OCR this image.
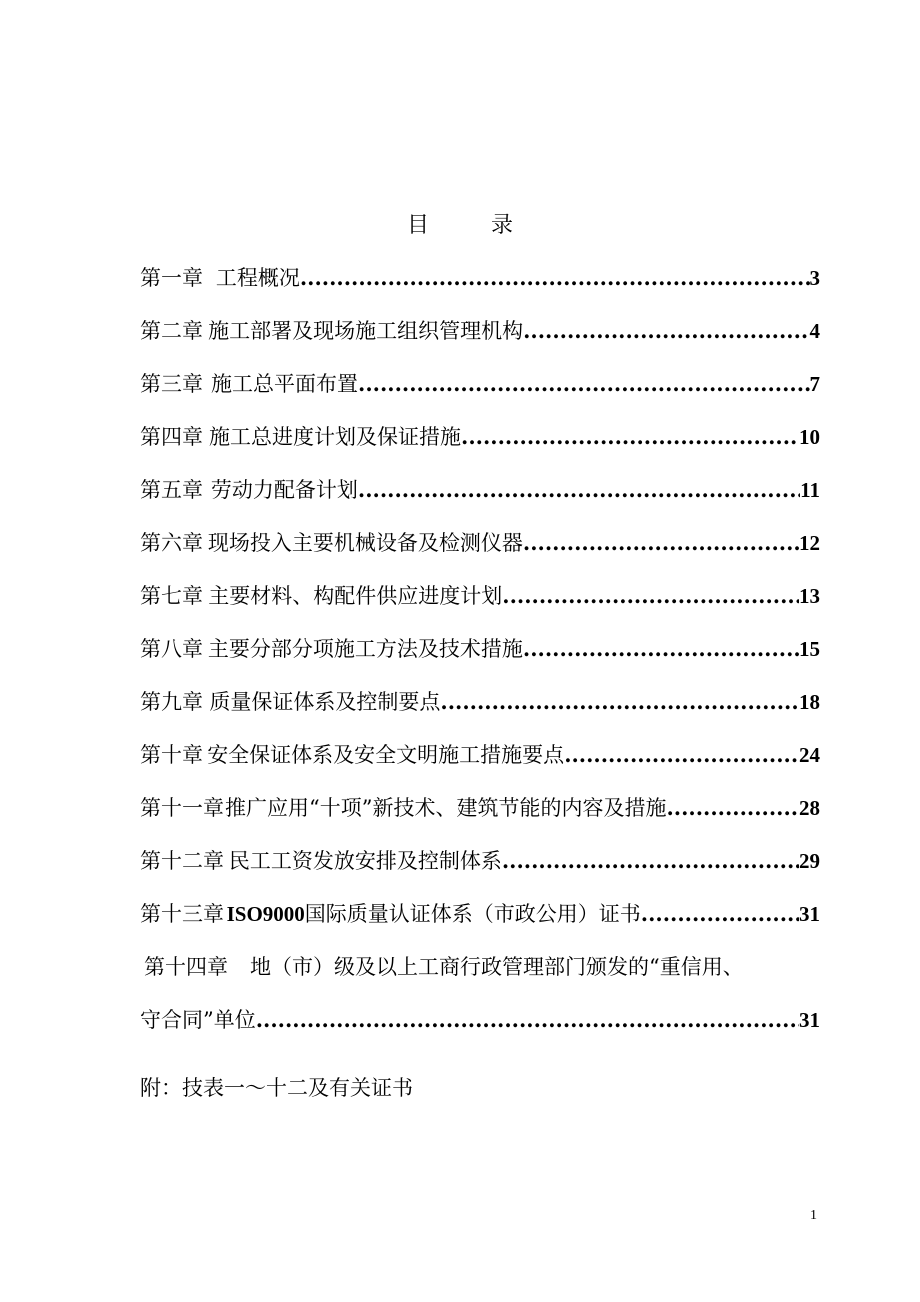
目	录
第一章 工程概况 .....	3
第二章 施工部署及现场施工组织管理机构 .....	4
第三章 施工总平面布置 .....	7
第四章 施工总进度计划及保证措施 .....	10
第五章 劳动力配备计划 .....	11
第六章 现场投入主要机械设备及检测仪器 .....	12
第七章 主要材料、构配件供应进度计划 .....	13
第八章 主要分部分项施工方法及技术措施 .....	15
第九章 质量保证体系及控制要点 .....	18
第十章 安全保证体系及安全文明施工措施要点 .....	24
第十一章 推广应用“十项”新技术、建筑节能的内容及措施 .....	28
第十二章 民工工资发放安排及控制体系 .....	29
第十三章 ISO9000国际质量认证体系（市政公用）证书 .....	31
第十四章 地（市）级及以上工商行政管理部门颁发的“重信用、
守合同”单位 .....	31
附：技表一～十二及有关证书
1
